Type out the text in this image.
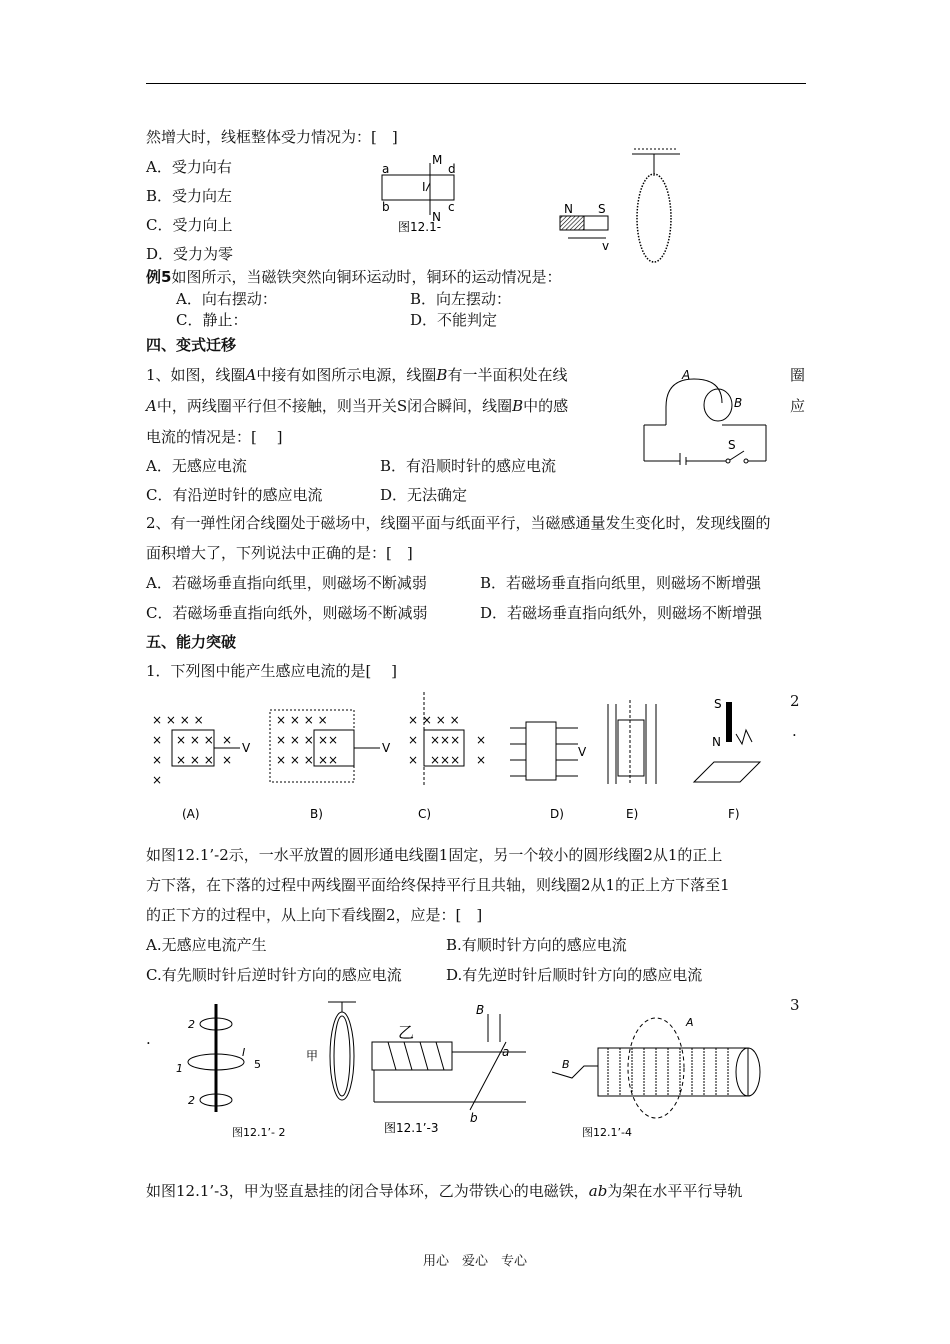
然增大时，线框整体受力情况为：[　]
A．受力向右
B．受力向左
C．受力向上
D．受力为零
M
N
I
a
b	c
d
图12.1-
N S
v
例5如图所示，当磁铁突然向铜环运动时，铜环的运动情况是：
A．向右摆动：	B．向左摆动：
C．静止：	D．不能判定
四、变式迁移
1、如图，线圈A中接有如图所示电源，线圈B有一半面积处在线	圈
A中，两线圈平行但不接触，则当开关S闭合瞬间，线圈B中的感	应
电流的情况是：[　 ]
A．无感应电流	B．有沿顺时针的感应电流
C．有沿逆时针的感应电流	D．无法确定
A
B
S
2、有一弹性闭合线圈处于磁场中，线圈平面与纸面平行，当磁感通量发生变化时，发现线圈的
面积增大了，下列说法中正确的是：[　]
A．若磁场垂直指向纸里，则磁场不断减弱	B．若磁场垂直指向纸里，则磁场不断增强
C．若磁场垂直指向纸外，则磁场不断减弱	D．若磁场垂直指向纸外，则磁场不断增强
五、能力突破
1．下列图中能产生感应电流的是[　 ]
2
.
× × × ×
× × × × ×
× × × × ×
×
V
(A)
× × × ×
× × × ××
× × × ××
V
B)
× × × ×
× ××× ×
× ××× ×
C)
V
D)	E)
S
N
F)
如图12.1’-2示，一水平放置的圆形通电线圈1固定，另一个较小的圆形线圈2从1的正上
方下落，在下落的过程中两线圈平面给终保持平行且共轴，则线圈2从1的正上方下落至1
的正下方的过程中，从上向下看线圈2，应是：[　]
A.无感应电流产生	B.有顺时针方向的感应电流
C.有先顺时针后逆时针方向的感应电流	D.有先逆时针后顺时针方向的感应电流
3
.
2
1
I
5
2
图12.1’- 2
甲
乙
B
a
b
图12.1’-3
A
B
图12.1’-4
如图12.1’-3，甲为竖直悬挂的闭合导体环，乙为带铁心的电磁铁，ab为架在水平平行导轨
用心　爱心　专心
